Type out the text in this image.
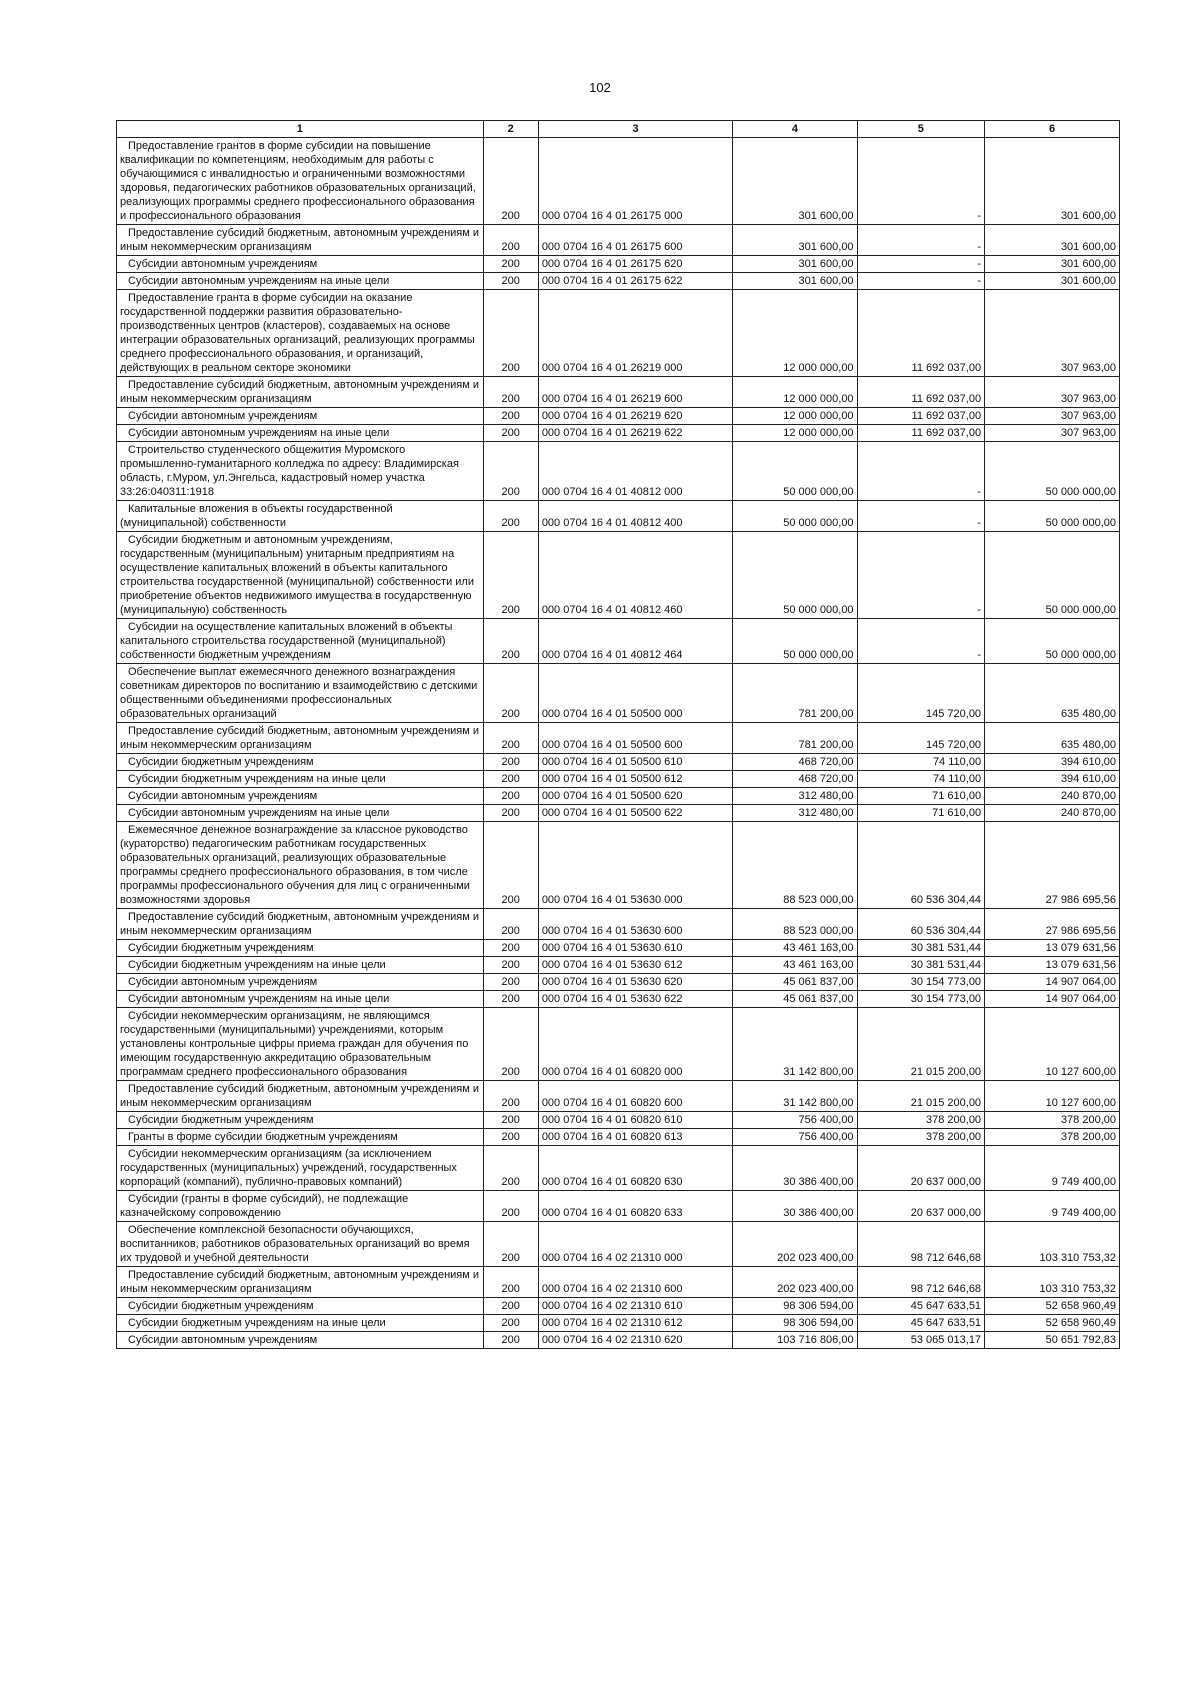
102
1	2	3	4	5	6

Предоставление грантов в форме субсидии на повышение квалификации по компетенциям, необходимым для работы с обучающимися с инвалидностью и ограниченными возможностями здоровья, педагогических работников образовательных организаций, реализующих программы среднего профессионального образования и профессионального образования	200	000 0704 16 4 01 26175 000	301 600,00	-	301 600,00

Предоставление субсидий бюджетным, автономным учреждениям и иным некоммерческим организациям	200	000 0704 16 4 01 26175 600	301 600,00	-	301 600,00

Субсидии автономным учреждениям	200	000 0704 16 4 01 26175 620	301 600,00	-	301 600,00

Субсидии автономным учреждениям на иные цели	200	000 0704 16 4 01 26175 622	301 600,00	-	301 600,00

Предоставление гранта в форме субсидии на оказание государственной поддержки развития образовательно-производственных центров (кластеров), создаваемых на основе интеграции образовательных организаций, реализующих программы среднего профессионального образования, и организаций, действующих в реальном секторе экономики	200	000 0704 16 4 01 26219 000	12 000 000,00	11 692 037,00	307 963,00

Предоставление субсидий бюджетным, автономным учреждениям и иным некоммерческим организациям	200	000 0704 16 4 01 26219 600	12 000 000,00	11 692 037,00	307 963,00

Субсидии автономным учреждениям	200	000 0704 16 4 01 26219 620	12 000 000,00	11 692 037,00	307 963,00

Субсидии автономным учреждениям на иные цели	200	000 0704 16 4 01 26219 622	12 000 000,00	11 692 037,00	307 963,00

Строительство студенческого общежития Муромского промышленно-гуманитарного колледжа по адресу: Владимирская область, г.Муром, ул.Энгельса, кадастровый номер участка 33:26:040311:1918	200	000 0704 16 4 01 40812 000	50 000 000,00	-	50 000 000,00

Капитальные вложения в объекты государственной (муниципальной) собственности	200	000 0704 16 4 01 40812 400	50 000 000,00	-	50 000 000,00

Субсидии бюджетным и автономным учреждениям, государственным (муниципальным) унитарным предприятиям на осуществление капитальных вложений в объекты капитального строительства государственной (муниципальной) собственности или приобретение объектов недвижимого имущества в государственную (муниципальную) собственность	200	000 0704 16 4 01 40812 460	50 000 000,00	-	50 000 000,00

Субсидии на осуществление капитальных вложений в объекты капитального строительства государственной (муниципальной) собственности бюджетным учреждениям	200	000 0704 16 4 01 40812 464	50 000 000,00	-	50 000 000,00

Обеспечение выплат ежемесячного денежного вознаграждения советникам директоров по воспитанию и взаимодействию с детскими общественными объединениями профессиональных образовательных организаций	200	000 0704 16 4 01 50500 000	781 200,00	145 720,00	635 480,00

Предоставление субсидий бюджетным, автономным учреждениям и иным некоммерческим организациям	200	000 0704 16 4 01 50500 600	781 200,00	145 720,00	635 480,00

Субсидии бюджетным учреждениям	200	000 0704 16 4 01 50500 610	468 720,00	74 110,00	394 610,00

Субсидии бюджетным учреждениям на иные цели	200	000 0704 16 4 01 50500 612	468 720,00	74 110,00	394 610,00

Субсидии автономным учреждениям	200	000 0704 16 4 01 50500 620	312 480,00	71 610,00	240 870,00

Субсидии автономным учреждениям на иные цели	200	000 0704 16 4 01 50500 622	312 480,00	71 610,00	240 870,00

Ежемесячное денежное вознаграждение за классное руководство (кураторство) педагогическим работникам государственных образовательных организаций, реализующих образовательные программы среднего профессионального образования, в том числе программы профессионального обучения для лиц с ограниченными возможностями здоровья	200	000 0704 16 4 01 53630 000	88 523 000,00	60 536 304,44	27 986 695,56

Предоставление субсидий бюджетным, автономным учреждениям и иным некоммерческим организациям	200	000 0704 16 4 01 53630 600	88 523 000,00	60 536 304,44	27 986 695,56

Субсидии бюджетным учреждениям	200	000 0704 16 4 01 53630 610	43 461 163,00	30 381 531,44	13 079 631,56

Субсидии бюджетным учреждениям на иные цели	200	000 0704 16 4 01 53630 612	43 461 163,00	30 381 531,44	13 079 631,56

Субсидии автономным учреждениям	200	000 0704 16 4 01 53630 620	45 061 837,00	30 154 773,00	14 907 064,00

Субсидии автономным учреждениям на иные цели	200	000 0704 16 4 01 53630 622	45 061 837,00	30 154 773,00	14 907 064,00

Субсидии некоммерческим организациям, не являющимся государственными (муниципальными) учреждениями, которым установлены контрольные цифры приема граждан для обучения по имеющим государственную аккредитацию образовательным программам среднего профессионального образования	200	000 0704 16 4 01 60820 000	31 142 800,00	21 015 200,00	10 127 600,00

Предоставление субсидий бюджетным, автономным учреждениям и иным некоммерческим организациям	200	000 0704 16 4 01 60820 600	31 142 800,00	21 015 200,00	10 127 600,00

Субсидии бюджетным учреждениям	200	000 0704 16 4 01 60820 610	756 400,00	378 200,00	378 200,00

Гранты в форме субсидии бюджетным учреждениям	200	000 0704 16 4 01 60820 613	756 400,00	378 200,00	378 200,00

Субсидии некоммерческим организациям (за исключением государственных (муниципальных) учреждений, государственных корпораций (компаний), публично-правовых компаний)	200	000 0704 16 4 01 60820 630	30 386 400,00	20 637 000,00	9 749 400,00

Субсидии (гранты в форме субсидий), не подлежащие казначейскому сопровождению	200	000 0704 16 4 01 60820 633	30 386 400,00	20 637 000,00	9 749 400,00

Обеспечение комплексной безопасности обучающихся, воспитанников, работников образовательных организаций во время их трудовой и учебной деятельности	200	000 0704 16 4 02 21310 000	202 023 400,00	98 712 646,68	103 310 753,32

Предоставление субсидий бюджетным, автономным учреждениям и иным некоммерческим организациям	200	000 0704 16 4 02 21310 600	202 023 400,00	98 712 646,68	103 310 753,32

Субсидии бюджетным учреждениям	200	000 0704 16 4 02 21310 610	98 306 594,00	45 647 633,51	52 658 960,49

Субсидии бюджетным учреждениям на иные цели	200	000 0704 16 4 02 21310 612	98 306 594,00	45 647 633,51	52 658 960,49

Субсидии автономным учреждениям	200	000 0704 16 4 02 21310 620	103 716 806,00	53 065 013,17	50 651 792,83
